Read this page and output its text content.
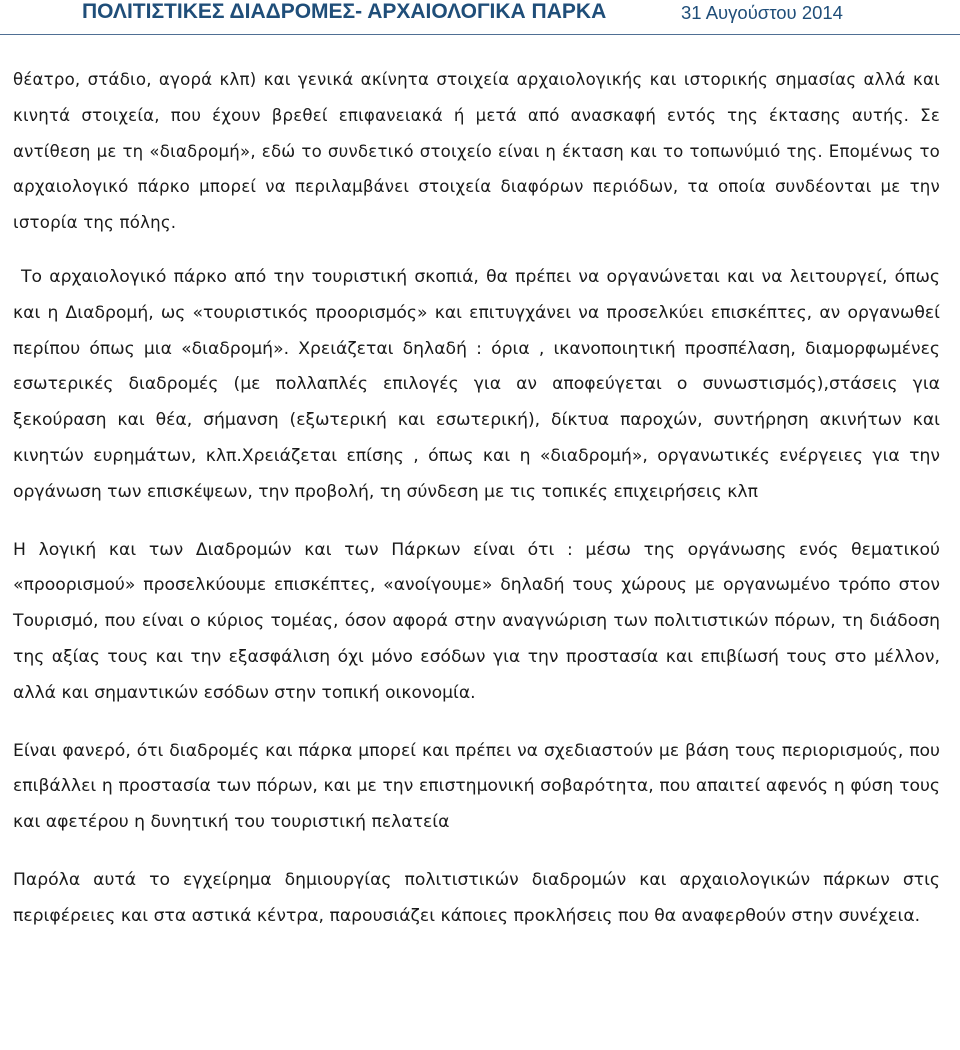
ΠΟΛΙΤΙΣΤΙΚΕΣ ΔΙΑΔΡΟΜΕΣ- ΑΡΧΑΙΟΛΟΓΙΚΑ ΠΑΡΚΑ	31 Αυγούστου 2014

θέατρο, στάδιο, αγορά κλπ) και γενικά ακίνητα στοιχεία αρχαιολογικής και ιστορικής σημασίας αλλά και κινητά στοιχεία, που έχουν βρεθεί επιφανειακά ή μετά από ανασκαφή εντός της έκτασης αυτής. Σε αντίθεση με τη «διαδρομή», εδώ το συνδετικό στοιχείο είναι η έκταση και το τοπωνύμιό της. Επομένως το αρχαιολογικό πάρκο μπορεί να περιλαμβάνει στοιχεία διαφόρων περιόδων, τα οποία συνδέονται με την ιστορία της πόλης.

Το αρχαιολογικό πάρκο από την τουριστική σκοπιά, θα πρέπει να οργανώνεται και να λειτουργεί, όπως και η Διαδρομή, ως «τουριστικός προορισμός» και επιτυγχάνει να προσελκύει επισκέπτες, αν οργανωθεί περίπου όπως μια «διαδρομή». Χρειάζεται δηλαδή : όρια , ικανοποιητική προσπέλαση, διαμορφωμένες εσωτερικές διαδρομές (με πολλαπλές επιλογές για αν αποφεύγεται ο συνωστισμός),στάσεις για ξεκούραση και θέα, σήμανση (εξωτερική και εσωτερική), δίκτυα παροχών, συντήρηση ακινήτων και κινητών ευρημάτων, κλπ.Χρειάζεται επίσης , όπως και η «διαδρομή», οργανωτικές ενέργειες για την οργάνωση των επισκέψεων, την προβολή, τη σύνδεση με τις τοπικές επιχειρήσεις κλπ

Η λογική και των Διαδρομών και των Πάρκων είναι ότι : μέσω της οργάνωσης ενός θεματικού «προορισμού» προσελκύουμε επισκέπτες, «ανοίγουμε» δηλαδή τους χώρους με οργανωμένο τρόπο στον Τουρισμό, που είναι ο κύριος τομέας, όσον αφορά στην αναγνώριση των πολιτιστικών πόρων, τη διάδοση της αξίας τους και την εξασφάλιση όχι μόνο εσόδων για την προστασία και επιβίωσή τους στο μέλλον, αλλά και σημαντικών εσόδων στην τοπική οικονομία.

Είναι φανερό, ότι διαδρομές και πάρκα μπορεί και πρέπει να σχεδιαστούν με βάση τους περιορισμούς, που επιβάλλει η προστασία των πόρων, και με την επιστημονική σοβαρότητα, που απαιτεί αφενός η φύση τους και αφετέρου η δυνητική του τουριστική πελατεία

Παρόλα αυτά το εγχείρημα δημιουργίας πολιτιστικών διαδρομών και αρχαιολογικών πάρκων στις περιφέρειες και στα αστικά κέντρα, παρουσιάζει κάποιες προκλήσεις που θα αναφερθούν στην συνέχεια.
